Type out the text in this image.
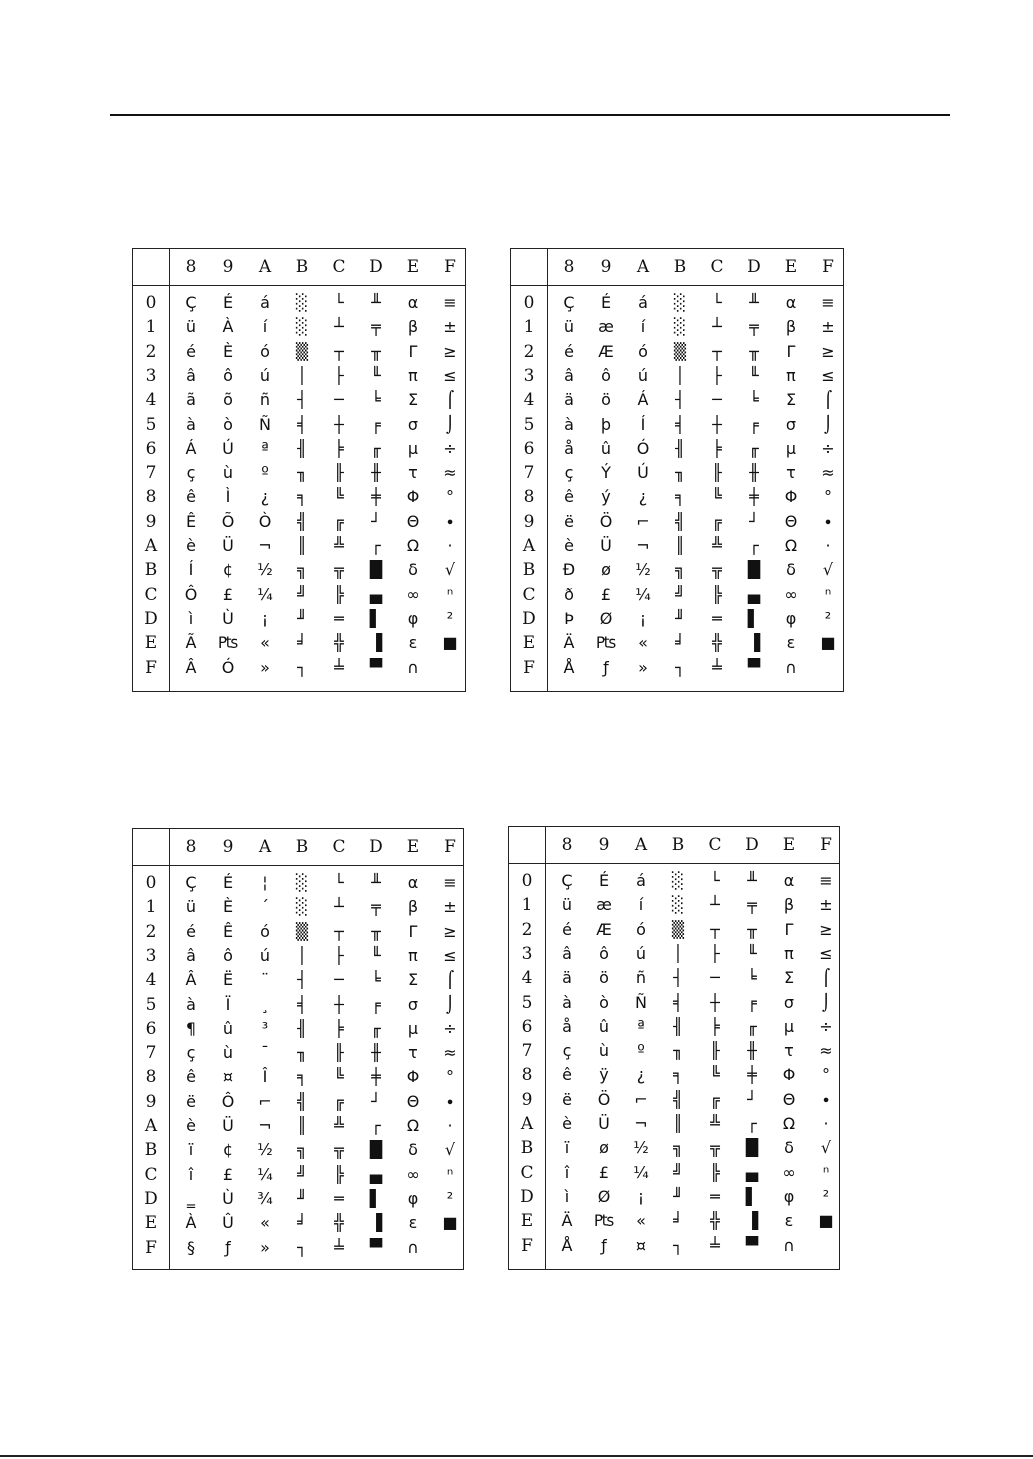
8	9	A	B	C	D	E	F
0	Ç	É	á	░	└	╨	α	≡
1	ü	À	í	░	┴	╤	β	±
2	é	È	ó	▒	┬	╥	Γ	≥
3	â	ô	ú	│	├	╙	π	≤
4	ã	õ	ñ	┤	─	╘	Σ	⌠
5	à	ò	Ñ	╡	┼	╒	σ	⌡
6	Á	Ú	ª	╢	╞	╓	µ	÷
7	ç	ù	º	╖	╟	╫	τ	≈
8	ê	Ì	¿	╕	╚	╪	Φ	°
9	Ê	Õ	Ò	╣	╔	┘	Θ	∙
A	è	Ü	¬	║	╩	┌	Ω	·
B	Í	¢	½	╗	╦	█	δ	√
C	Ô	£	¼	╝	╠	▄	∞	ⁿ
D	ì	Ù	¡	╜	═	▌	φ	²
E	Ã	₧	«	╛	╬	▐	ε	■
F	Â	Ó	»	┐	╧	▀	∩
8	9	A	B	C	D	E	F
0	Ç	É	á	░	└	╨	α	≡
1	ü	æ	í	░	┴	╤	β	±
2	é	Æ	ó	▒	┬	╥	Γ	≥
3	â	ô	ú	│	├	╙	π	≤
4	ä	ö	Á	┤	─	╘	Σ	⌠
5	à	þ	Í	╡	┼	╒	σ	⌡
6	å	û	Ó	╢	╞	╓	µ	÷
7	ç	Ý	Ú	╖	╟	╫	τ	≈
8	ê	ý	¿	╕	╚	╪	Φ	°
9	ë	Ö	⌐	╣	╔	┘	Θ	∙
A	è	Ü	¬	║	╩	┌	Ω	·
B	Ð	ø	½	╗	╦	█	δ	√
C	ð	£	¼	╝	╠	▄	∞	ⁿ
D	Þ	Ø	¡	╜	═	▌	φ	²
E	Ä	₧	«	╛	╬	▐	ε	■
F	Å	ƒ	»	┐	╧	▀	∩
8	9	A	B	C	D	E	F
0	Ç	É	¦	░	└	╨	α	≡
1	ü	È	´	░	┴	╤	β	±
2	é	Ê	ó	▒	┬	╥	Γ	≥
3	â	ô	ú	│	├	╙	π	≤
4	Â	Ë	¨	┤	─	╘	Σ	⌠
5	à	Ï	¸	╡	┼	╒	σ	⌡
6	¶	û	³	╢	╞	╓	µ	÷
7	ç	ù	¯	╖	╟	╫	τ	≈
8	ê	¤	Î	╕	╚	╪	Φ	°
9	ë	Ô	⌐	╣	╔	┘	Θ	∙
A	è	Ü	¬	║	╩	┌	Ω	·
B	ï	¢	½	╗	╦	█	δ	√
C	î	£	¼	╝	╠	▄	∞	ⁿ
D	‗	Ù	¾	╜	═	▌	φ	²
E	À	Û	«	╛	╬	▐	ε	■
F	§	ƒ	»	┐	╧	▀	∩
8	9	A	B	C	D	E	F
0	Ç	É	á	░	└	╨	α	≡
1	ü	æ	í	░	┴	╤	β	±
2	é	Æ	ó	▒	┬	╥	Γ	≥
3	â	ô	ú	│	├	╙	π	≤
4	ä	ö	ñ	┤	─	╘	Σ	⌠
5	à	ò	Ñ	╡	┼	╒	σ	⌡
6	å	û	ª	╢	╞	╓	µ	÷
7	ç	ù	º	╖	╟	╫	τ	≈
8	ê	ÿ	¿	╕	╚	╪	Φ	°
9	ë	Ö	⌐	╣	╔	┘	Θ	∙
A	è	Ü	¬	║	╩	┌	Ω	·
B	ï	ø	½	╗	╦	█	δ	√
C	î	£	¼	╝	╠	▄	∞	ⁿ
D	ì	Ø	¡	╜	═	▌	φ	²
E	Ä	₧	«	╛	╬	▐	ε	■
F	Å	ƒ	¤	┐	╧	▀	∩
